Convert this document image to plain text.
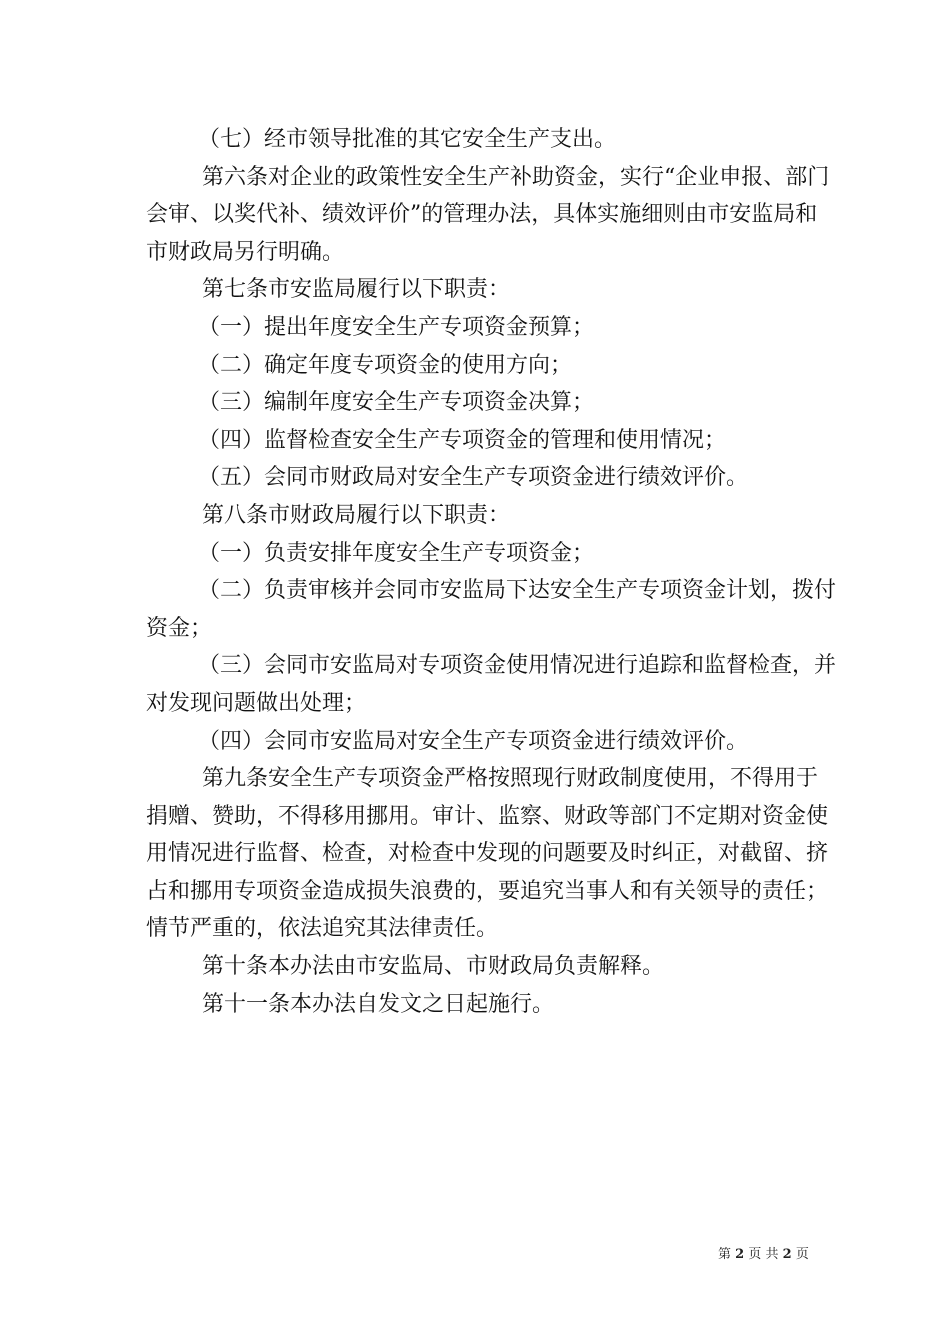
（七）经市领导批准的其它安全生产支出。

第六条对企业的政策性安全生产补助资金，实行“企业申报、部门会审、以奖代补、绩效评价”的管理办法，具体实施细则由市安监局和市财政局另行明确。

第七条市安监局履行以下职责：

（一）提出年度安全生产专项资金预算；

（二）确定年度专项资金的使用方向；

（三）编制年度安全生产专项资金决算；

（四）监督检查安全生产专项资金的管理和使用情况；

（五）会同市财政局对安全生产专项资金进行绩效评价。

第八条市财政局履行以下职责：

（一）负责安排年度安全生产专项资金；

（二）负责审核并会同市安监局下达安全生产专项资金计划，拨付资金；

（三）会同市安监局对专项资金使用情况进行追踪和监督检查，并对发现问题做出处理；

（四）会同市安监局对安全生产专项资金进行绩效评价。

第九条安全生产专项资金严格按照现行财政制度使用，不得用于捐赠、赞助，不得移用挪用。审计、监察、财政等部门不定期对资金使用情况进行监督、检查，对检查中发现的问题要及时纠正，对截留、挤占和挪用专项资金造成损失浪费的，要追究当事人和有关领导的责任；情节严重的，依法追究其法律责任。

第十条本办法由市安监局、市财政局负责解释。

第十一条本办法自发文之日起施行。

第 2 页 共 2 页
